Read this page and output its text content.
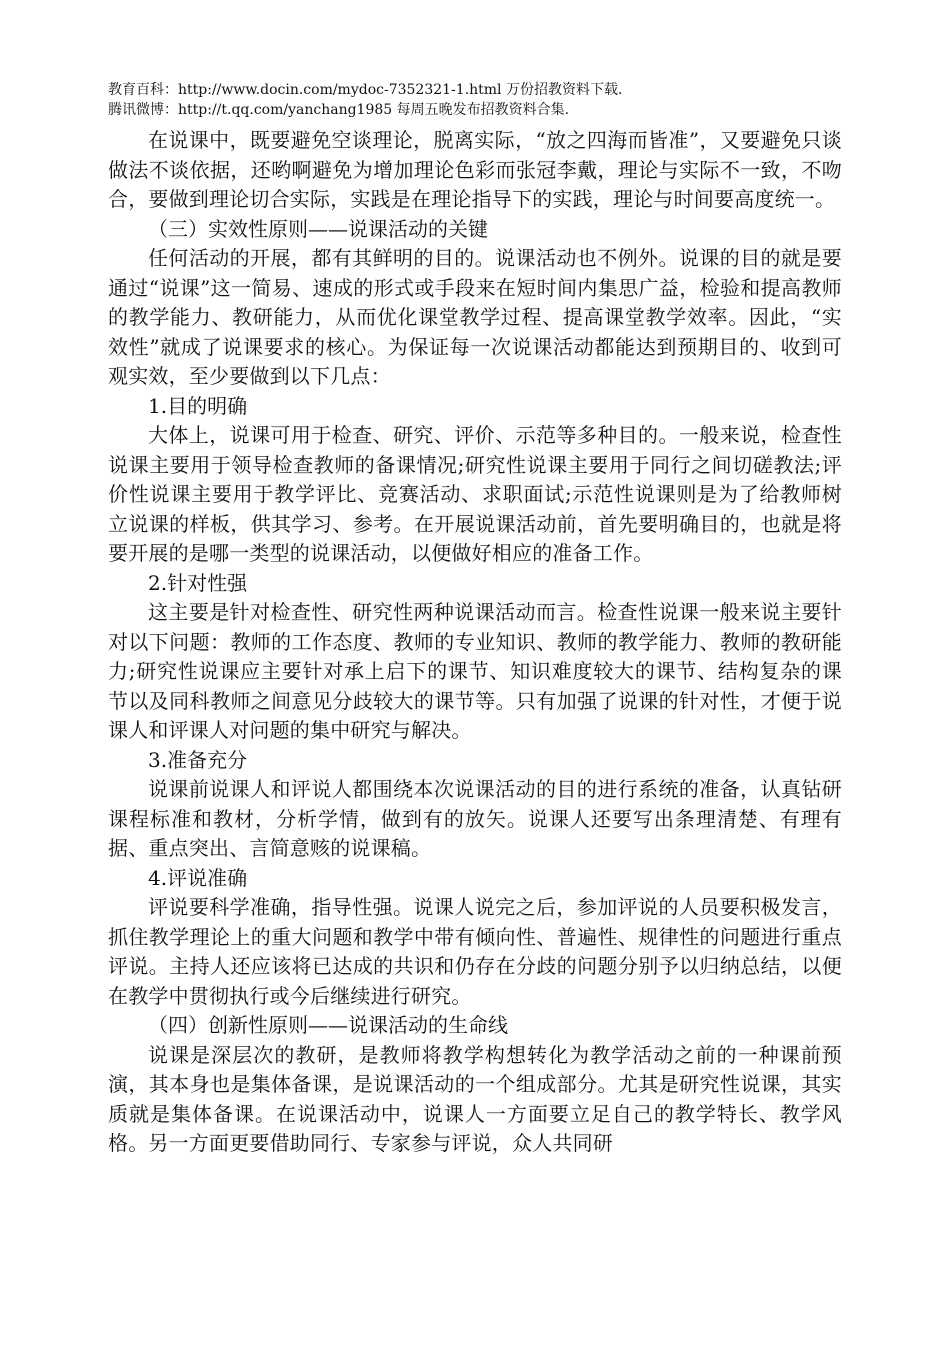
教育百科：http://www.docin.com/mydoc-7352321-1.html 万份招教资料下载.

腾讯微博：http://t.qq.com/yanchang1985 每周五晚发布招教资料合集.

在说课中，既要避免空谈理论，脱离实际，“放之四海而皆准”，又要避免只谈做法不谈依据，还哟啊避免为增加理论色彩而张冠李戴，理论与实际不一致，不吻合，要做到理论切合实际，实践是在理论指导下的实践，理论与时间要高度统一。

（三）实效性原则——说课活动的关键

任何活动的开展，都有其鲜明的目的。说课活动也不例外。说课的目的就是要通过“说课”这一简易、速成的形式或手段来在短时间内集思广益，检验和提高教师的教学能力、教研能力，从而优化课堂教学过程、提高课堂教学效率。因此，“实效性”就成了说课要求的核心。为保证每一次说课活动都能达到预期目的、收到可观实效，至少要做到以下几点：

1.目的明确

大体上，说课可用于检查、研究、评价、示范等多种目的。一般来说，检查性说课主要用于领导检查教师的备课情况;研究性说课主要用于同行之间切磋教法;评价性说课主要用于教学评比、竞赛活动、求职面试;示范性说课则是为了给教师树立说课的样板，供其学习、参考。在开展说课活动前，首先要明确目的，也就是将要开展的是哪一类型的说课活动，以便做好相应的准备工作。

2.针对性强

这主要是针对检查性、研究性两种说课活动而言。检查性说课一般来说主要针对以下问题：教师的工作态度、教师的专业知识、教师的教学能力、教师的教研能力;研究性说课应主要针对承上启下的课节、知识难度较大的课节、结构复杂的课节以及同科教师之间意见分歧较大的课节等。只有加强了说课的针对性，才便于说课人和评课人对问题的集中研究与解决。

3.准备充分

说课前说课人和评说人都围绕本次说课活动的目的进行系统的准备，认真钻研课程标准和教材，分析学情，做到有的放矢。说课人还要写出条理清楚、有理有据、重点突出、言简意赅的说课稿。

4.评说准确

评说要科学准确，指导性强。说课人说完之后，参加评说的人员要积极发言，抓住教学理论上的重大问题和教学中带有倾向性、普遍性、规律性的问题进行重点评说。主持人还应该将已达成的共识和仍存在分歧的问题分别予以归纳总结，以便在教学中贯彻执行或今后继续进行研究。

（四）创新性原则——说课活动的生命线

说课是深层次的教研，是教师将教学构想转化为教学活动之前的一种课前预演，其本身也是集体备课，是说课活动的一个组成部分。尤其是研究性说课，其实质就是集体备课。在说课活动中，说课人一方面要立足自己的教学特长、教学风格。另一方面更要借助同行、专家参与评说，众人共同研
